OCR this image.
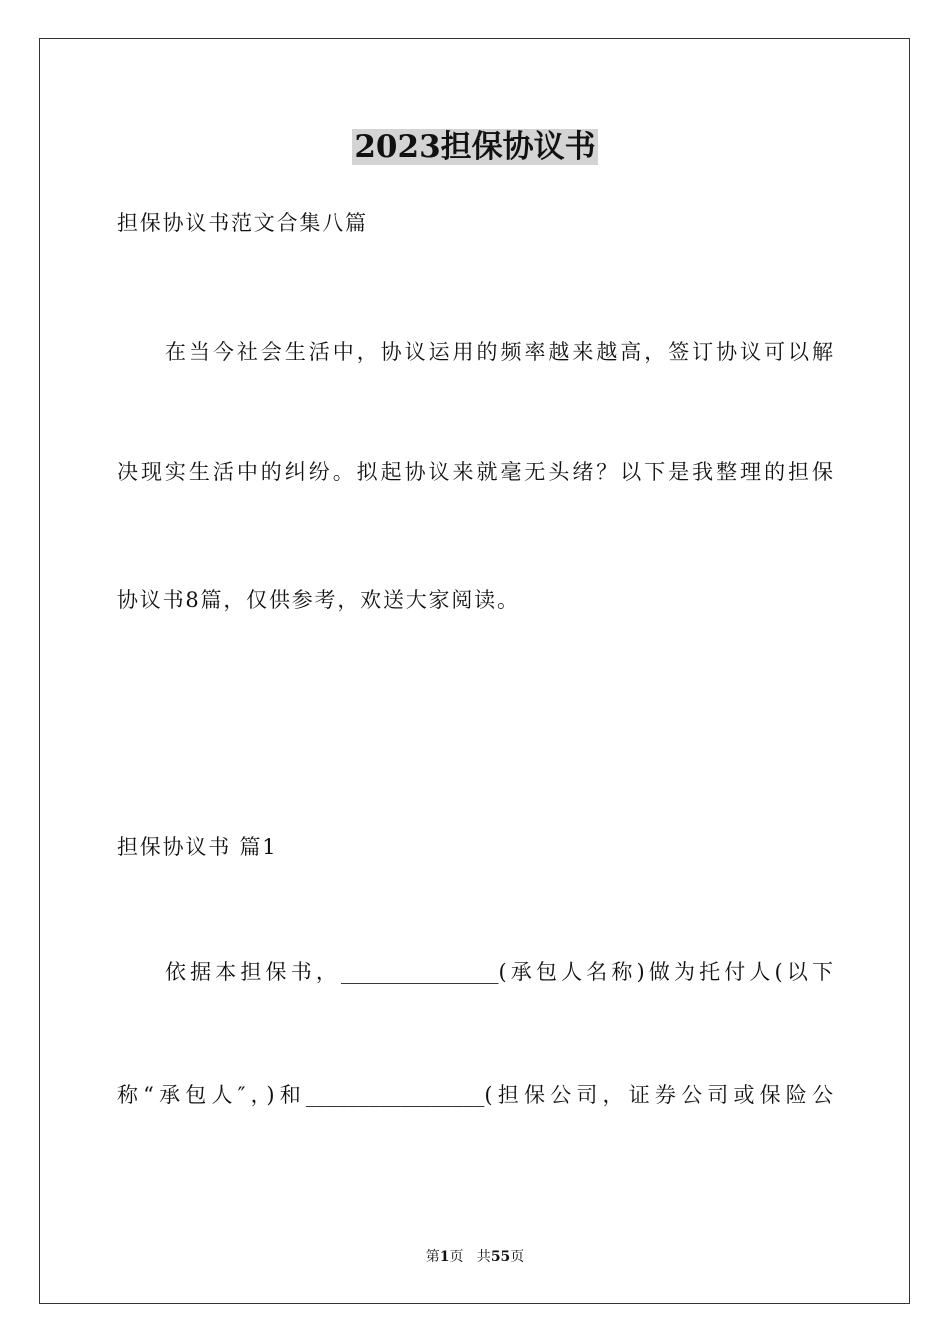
2023担保协议书
担保协议书范文合集八篇
在当今社会生活中，协议运用的频率越来越高，签订协议可以解
决现实生活中的纠纷。拟起协议来就毫无头绪？以下是我整理的担保
协议书8篇，仅供参考，欢送大家阅读。
担保协议书 篇1
依据本担保书，_______________(承包人名称)做为托付人(以下
称“承包人″，)和_________________(担保公司，证券公司或保险公
第1页   共55页
